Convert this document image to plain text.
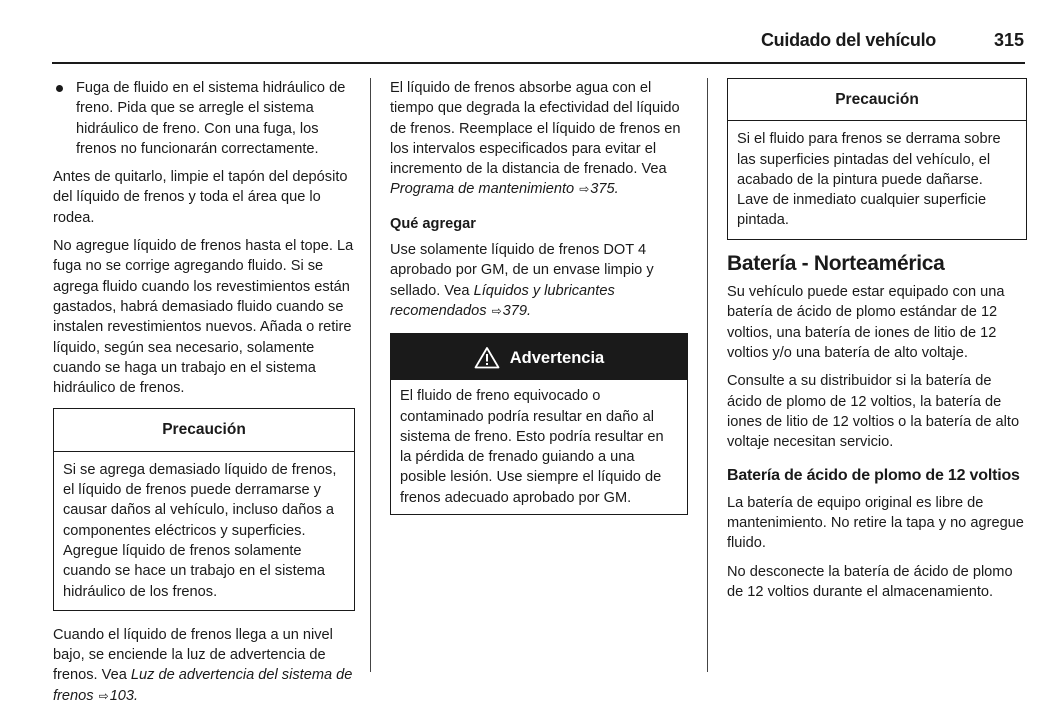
Cuidado del vehículo	315
Fuga de fluido en el sistema hidráulico de freno. Pida que se arregle el sistema hidráulico de freno. Con una fuga, los frenos no funcionarán correctamente.

Antes de quitarlo, limpie el tapón del depósito del líquido de frenos y toda el área que lo rodea.

No agregue líquido de frenos hasta el tope. La fuga no se corrige agregando fluido. Si se agrega fluido cuando los revestimientos están gastados, habrá demasiado fluido cuando se instalen revestimientos nuevos. Añada o retire líquido, según sea necesario, solamente cuando se haga un trabajo en el sistema hidráulico de frenos.

Precaución
Si se agrega demasiado líquido de frenos, el líquido de frenos puede derramarse y causar daños al vehículo, incluso daños a componentes eléctricos y superficies. Agregue líquido de frenos solamente cuando se hace un trabajo en el sistema hidráulico de los frenos.

Cuando el líquido de frenos llega a un nivel bajo, se enciende la luz de advertencia de frenos. Vea Luz de advertencia del sistema de frenos ⇨103.

El líquido de frenos absorbe agua con el tiempo que degrada la efectividad del líquido de frenos. Reemplace el líquido de frenos en los intervalos especificados para evitar el incremento de la distancia de frenado. Vea Programa de mantenimiento ⇨375.

Qué agregar

Use solamente líquido de frenos DOT 4 aprobado por GM, de un envase limpio y sellado. Vea Líquidos y lubricantes recomendados ⇨379.

Advertencia
El fluido de freno equivocado o contaminado podría resultar en daño al sistema de freno. Esto podría resultar en la pérdida de frenado guiando a una posible lesión. Use siempre el líquido de frenos adecuado aprobado por GM.
Precaución
Si el fluido para frenos se derrama sobre las superficies pintadas del vehículo, el acabado de la pintura puede dañarse. Lave de inmediato cualquier superficie pintada.
Batería - Norteamérica

Su vehículo puede estar equipado con una batería de ácido de plomo estándar de 12 voltios, una batería de iones de litio de 12 voltios y/o una batería de alto voltaje.

Consulte a su distribuidor si la batería de ácido de plomo de 12 voltios, la batería de iones de litio de 12 voltios o la batería de alto voltaje necesitan servicio.

Batería de ácido de plomo de 12 voltios

La batería de equipo original es libre de mantenimiento. No retire la tapa y no agregue fluido.

No desconecte la batería de ácido de plomo de 12 voltios durante el almacenamiento.
